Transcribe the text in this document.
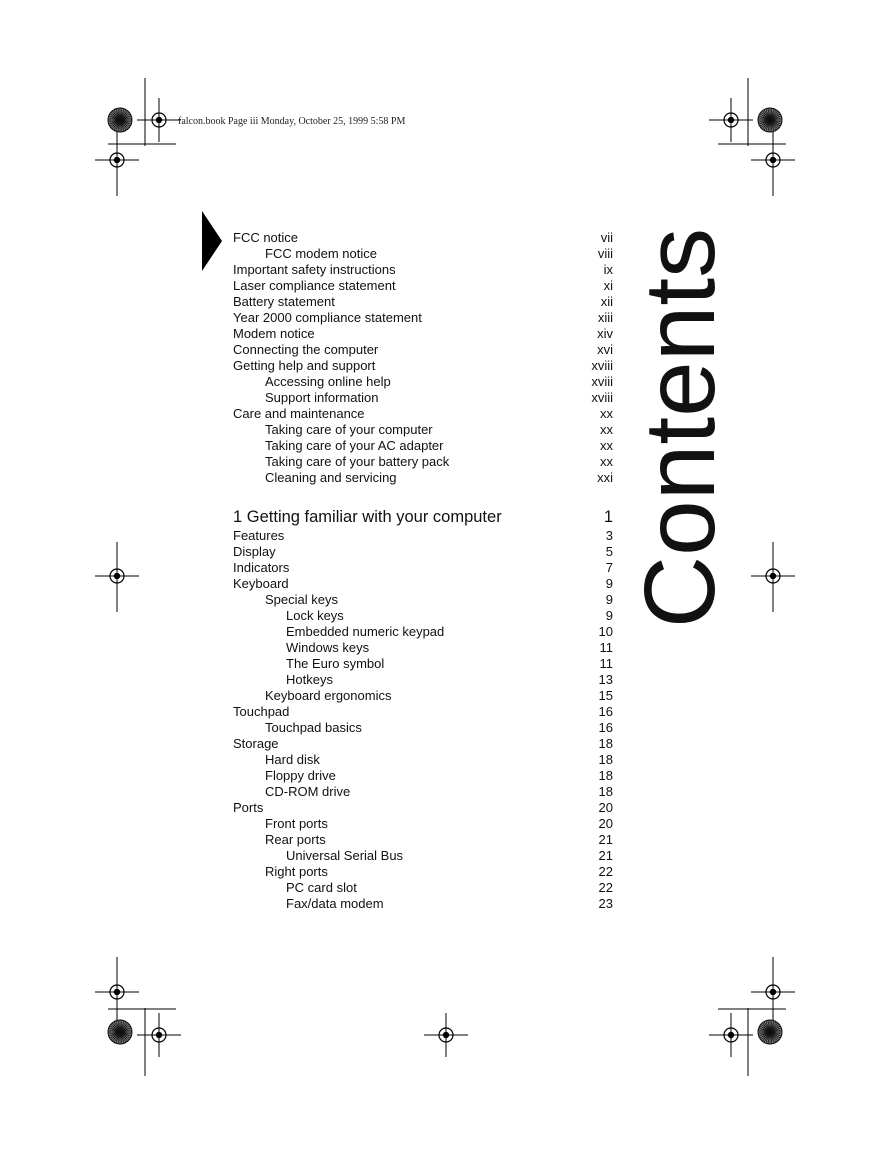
falcon.book Page iii Monday, October 25, 1999 5:58 PM
Contents
FCC notice	vii
FCC modem notice	viii
Important safety instructions	ix
Laser compliance statement	xi
Battery statement	xii
Year 2000 compliance statement	xiii
Modem notice	xiv
Connecting the computer	xvi
Getting help and support	xviii
Accessing online help	xviii
Support information	xviii
Care and maintenance	xx
Taking care of your computer	xx
Taking care of your AC adapter	xx
Taking care of your battery pack	xx
Cleaning and servicing	xxi
1 Getting familiar with your computer	1
Features	3
Display	5
Indicators	7
Keyboard	9
Special keys	9
Lock keys	9
Embedded numeric keypad	10
Windows keys	11
The Euro symbol	11
Hotkeys	13
Keyboard ergonomics	15
Touchpad	16
Touchpad basics	16
Storage	18
Hard disk	18
Floppy drive	18
CD-ROM drive	18
Ports	20
Front ports	20
Rear ports	21
Universal Serial Bus	21
Right ports	22
PC card slot	22
Fax/data modem	23
